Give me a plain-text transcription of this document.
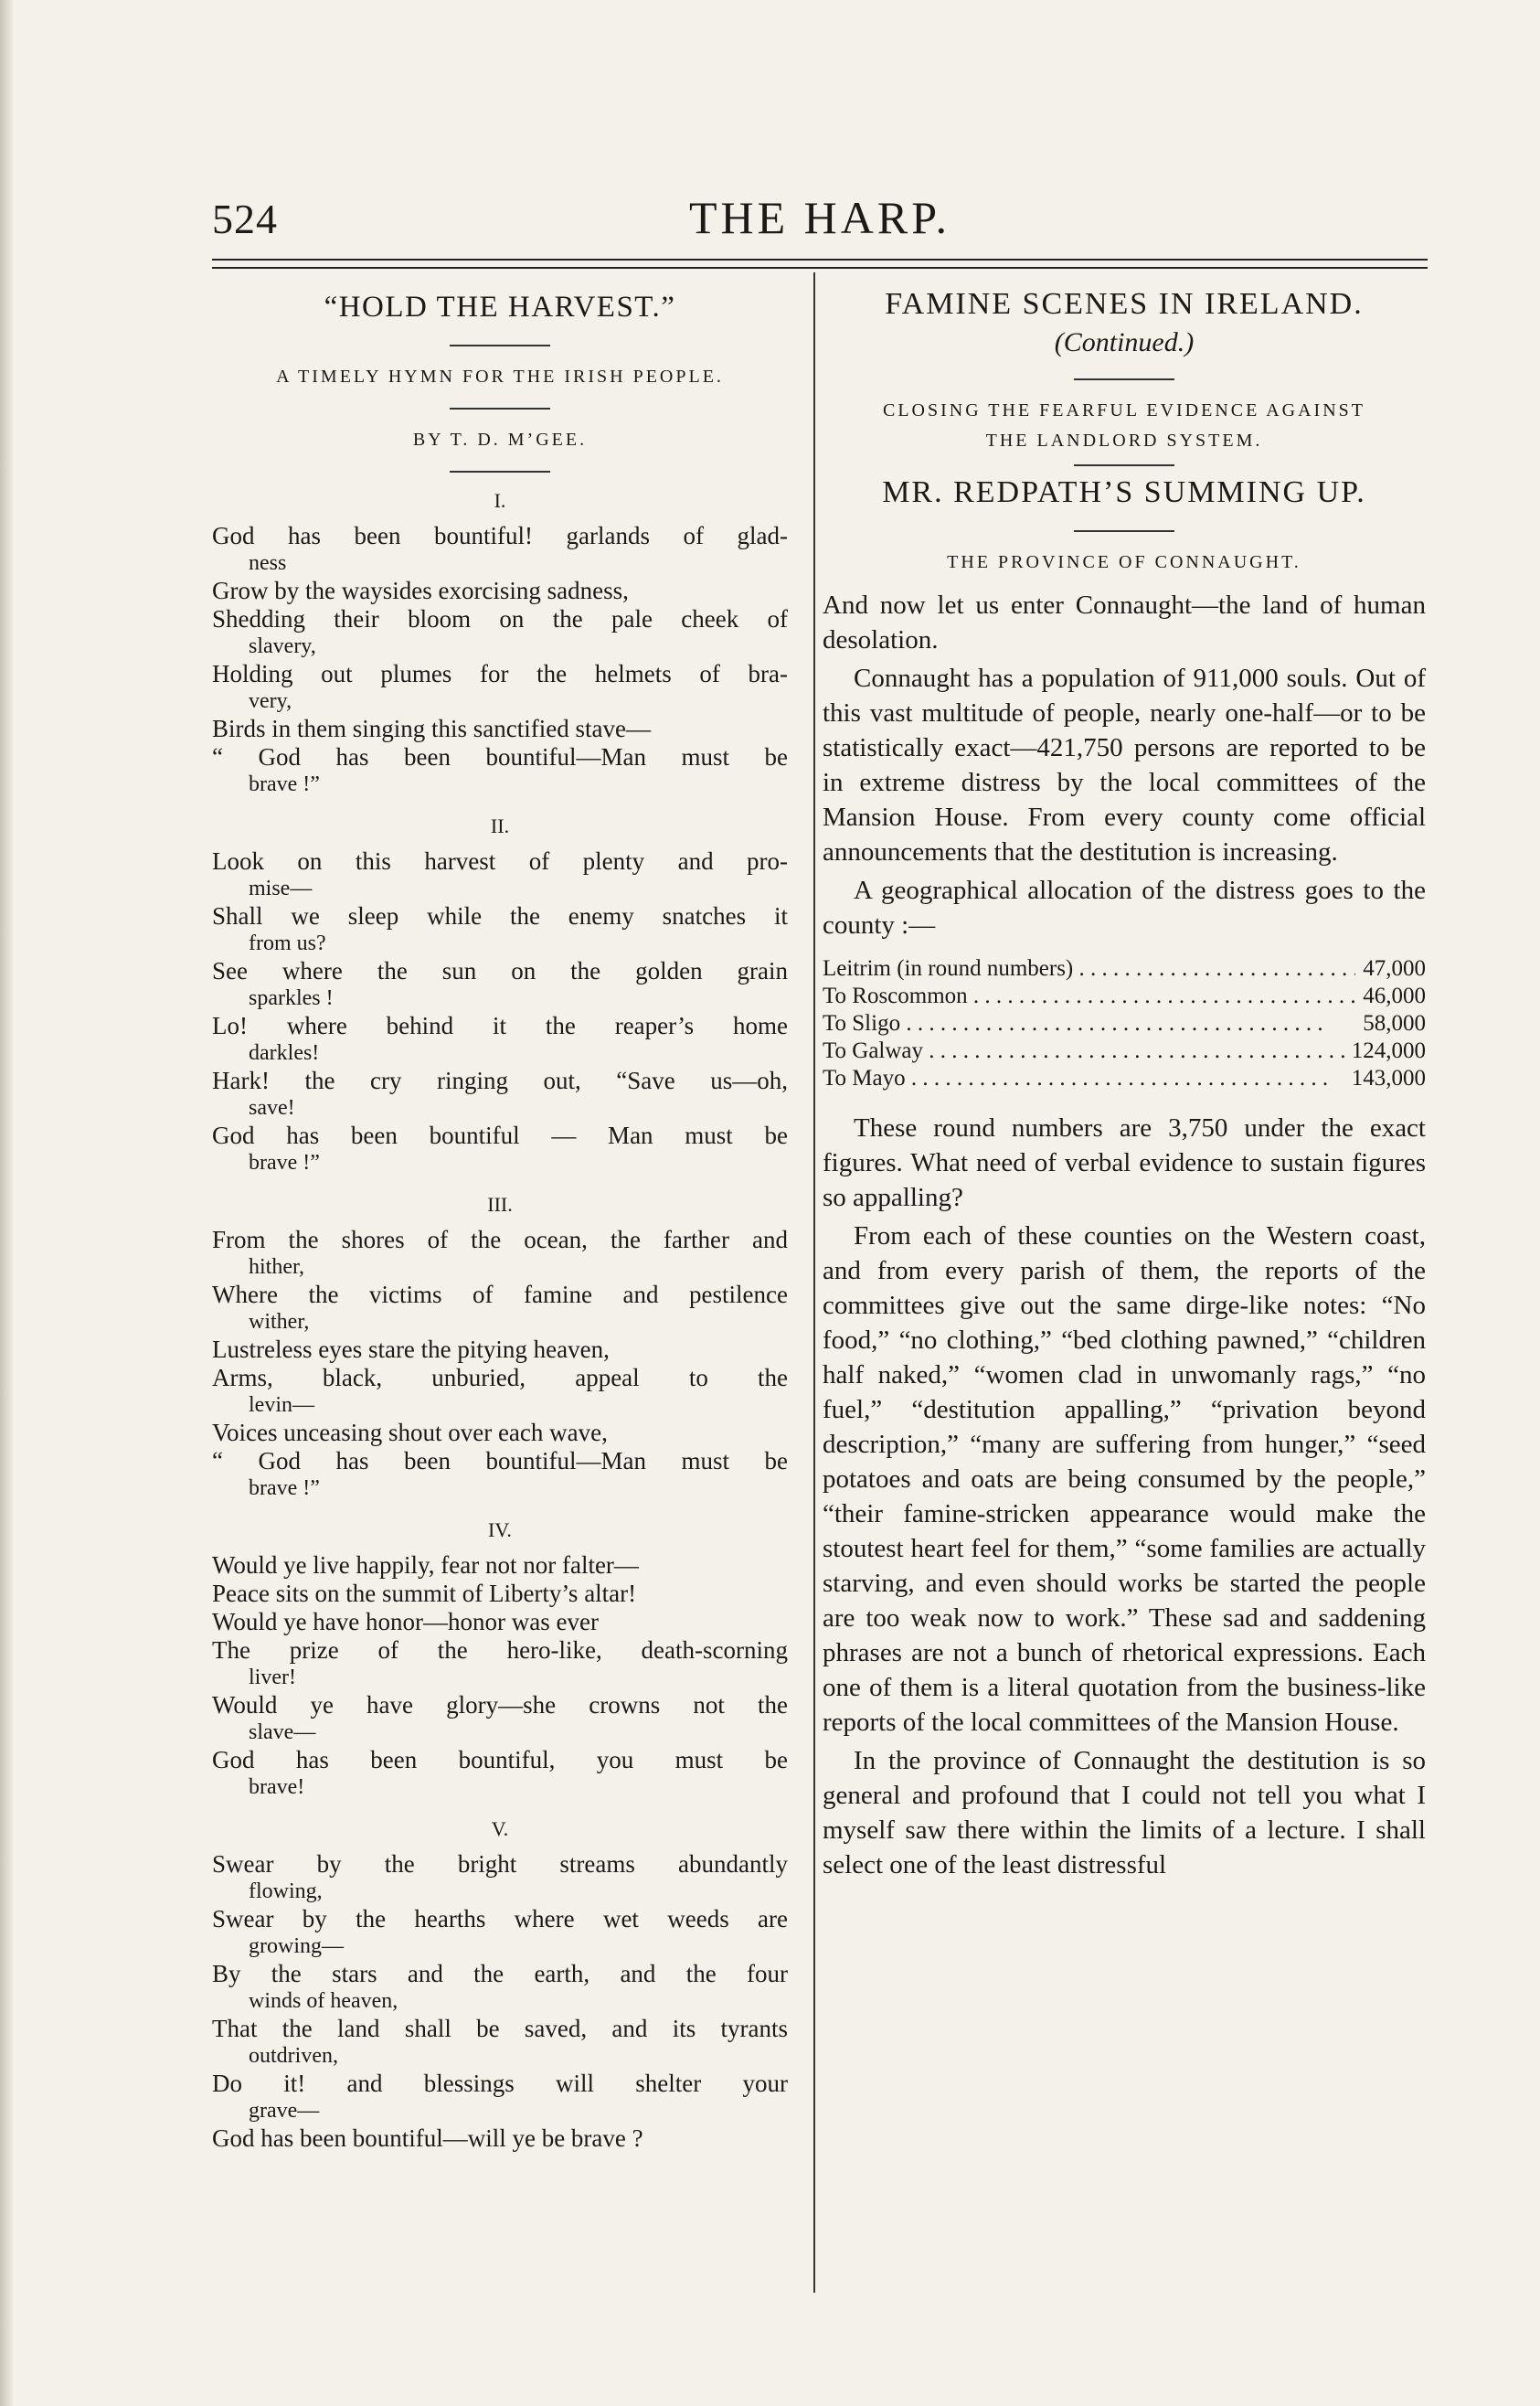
524	THE HARP.
“HOLD THE HARVEST.”
A TIMELY HYMN FOR THE IRISH PEOPLE.
BY T. D. M’GEE.
I.
God has been bountiful! garlands of glad-
ness
Grow by the waysides exorcising sadness,
Shedding their bloom on the pale cheek of
slavery,
Holding out plumes for the helmets of bra-
very,
Birds in them singing this sanctified stave—
“ God has been bountiful—Man must be
brave !”
II.
Look on this harvest of plenty and pro-
mise—
Shall we sleep while the enemy snatches it
from us?
See where the sun on the golden grain
sparkles !
Lo! where behind it the reaper’s home
darkles!
Hark! the cry ringing out, “Save us—oh,
save!
God has been bountiful — Man must be
brave !”
III.
From the shores of the ocean, the farther and
hither,
Where the victims of famine and pestilence
wither,
Lustreless eyes stare the pitying heaven,
Arms, black, unburied, appeal to the
levin—
Voices unceasing shout over each wave,
“ God has been bountiful—Man must be
brave !”
IV.
Would ye live happily, fear not nor falter—
Peace sits on the summit of Liberty’s altar!
Would ye have honor—honor was ever
The prize of the hero-like, death-scorning
liver!
Would ye have glory—she crowns not the
slave—
God has been bountiful, you must be
brave!
V.
Swear by the bright streams abundantly
flowing,
Swear by the hearths where wet weeds are
growing—
By the stars and the earth, and the four
winds of heaven,
That the land shall be saved, and its tyrants
outdriven,
Do it! and blessings will shelter your
grave—
God has been bountiful—will ye be brave ?
FAMINE SCENES IN IRELAND.
(Continued.)
CLOSING THE FEARFUL EVIDENCE AGAINST
THE LANDLORD SYSTEM.
MR. REDPATH’S SUMMING UP.
THE PROVINCE OF CONNAUGHT.

And now let us enter Connaught—the land of human desolation.

Connaught has a population of 911,000 souls. Out of this vast multitude of people, nearly one-half—or to be statistically exact—421,750 persons are reported to be in extreme distress by the local committees of the Mansion House. From every county come official announcements that the destitution is increasing.

A geographical allocation of the distress goes to the county :—

Leitrim (in round numbers) . . .	47,000
To Roscommon . . .	46,000
To Sligo . . .	58,000
To Galway . . .	124,000
To Mayo . . .	143,000

These round numbers are 3,750 under the exact figures. What need of verbal evidence to sustain figures so appalling?

From each of these counties on the Western coast, and from every parish of them, the reports of the committees give out the same dirge-like notes: “No food,” “no clothing,” “bed clothing pawned,” “children half naked,” “women clad in unwomanly rags,” “no fuel,” “destitution appalling,” “privation beyond description,” “many are suffering from hunger,” “seed potatoes and oats are being consumed by the people,” “their famine-stricken appearance would make the stoutest heart feel for them,” “some families are actually starving, and even should works be started the people are too weak now to work.” These sad and saddening phrases are not a bunch of rhetorical expressions. Each one of them is a literal quotation from the business-like reports of the local committees of the Mansion House.

In the province of Connaught the destitution is so general and profound that I could not tell you what I myself saw there within the limits of a lecture. I shall select one of the least distressful
